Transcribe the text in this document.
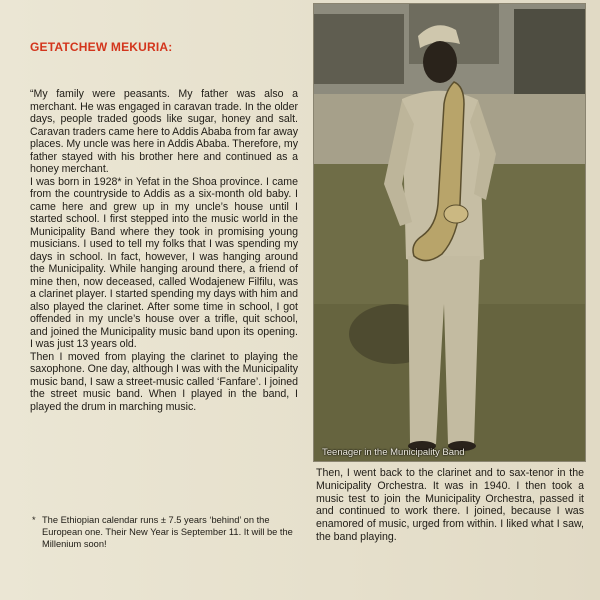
GETATCHEW MEKURIA:

“My family were peasants. My father was also a merchant. He was engaged in caravan trade. In the older days, people traded goods like sugar, honey and salt. Caravan traders came here to Addis Ababa from far away places. My uncle was here in Addis Ababa. Therefore, my father stayed with his brother here and continued as a honey merchant.

I was born in 1928* in Yefat in the Shoa province. I came from the countryside to Addis as a six-month old baby. I came here and grew up in my uncle’s house until I started school. I first stepped into the music world in the Municipality Band where they took in promising young musicians. I used to tell my folks that I was spending my days in school. In fact, however, I was hanging around the Municipality. While hanging around there, a friend of mine then, now deceased, called Wodajenew Filfilu, was a clarinet player. I started spending my days with him and also played the clarinet. After some time in school, I got offended in my uncle’s house over a trifle, quit school, and joined the Municipality music band upon its opening. I was just 13 years old.

Then I moved from playing the clarinet to playing the saxophone. One day, although I was with the Municipality music band, I saw a street-music called ‘Fanfare’. I joined the street music band. When I played in the band, I played the drum in marching music.

* The Ethiopian calendar runs ± 7.5 years ‘behind’ on the European one. Their New Year is September 11. It will be the Millenium soon!
Teenager in the Municipality Band

Then, I went back to the clarinet and to sax-tenor in the Municipality Orchestra. It was in 1940. I then took a music test to join the Municipality Orchestra, passed it and continued to work there. I joined, because I was enamored of music, urged from within. I liked what I saw, the band playing.
